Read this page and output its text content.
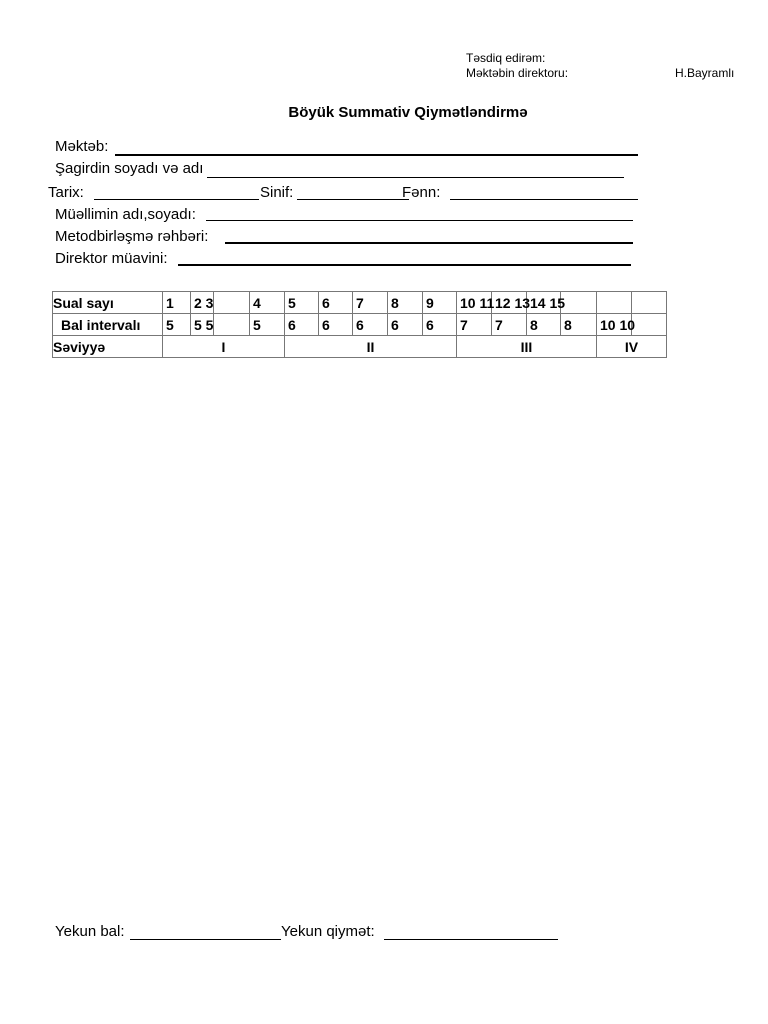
Təsdiq edirəm:
Məktəbin direktoru:	H.Bayramlı
Böyük Summativ Qiymətləndirmə
Məktəb:
Şagirdin soyadı və adı
Tarix:	Sinif:	Fənn:
Müəllimin adı,soyadı:
Metodbirləşmə rəhbəri:
Direktor müavini:
Sual sayı	1	2 3		4	5	6	7	8	9	10 11	12 13	14 15			
Bal intervalı	5	5 5		5	6	6	6	6	6	7	7	8	8	10 10	
Səviyyə	I				II					III				IV	
Yekun bal:	Yekun qiymət:
